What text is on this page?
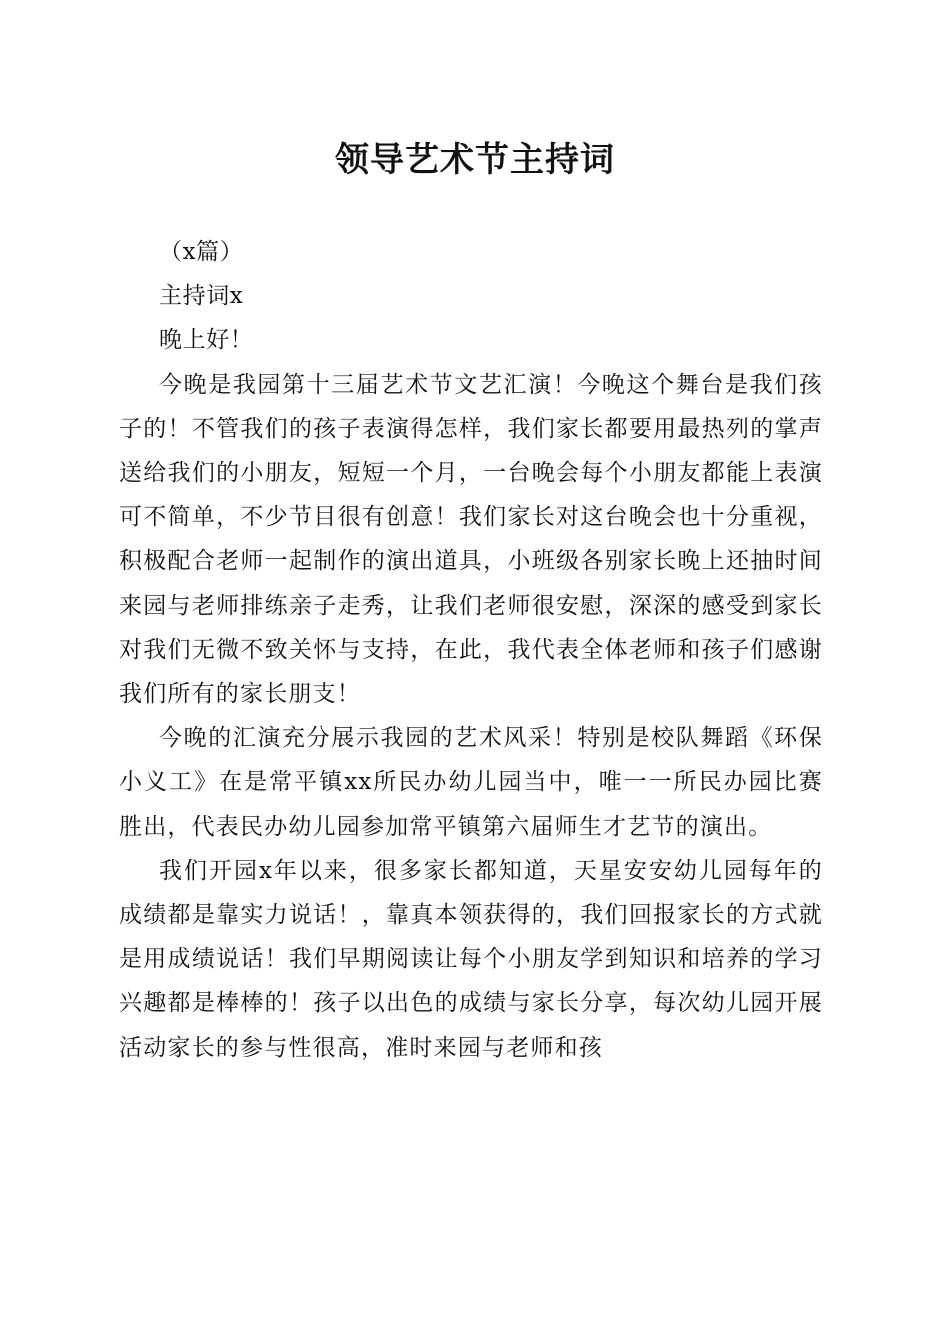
领导艺术节主持词

（x篇）

主持词x

晚上好！

今晚是我园第十三届艺术节文艺汇演！今晚这个舞台是我们孩子的！不管我们的孩子表演得怎样，我们家长都要用最热列的掌声送给我们的小朋友，短短一个月，一台晚会每个小朋友都能上表演可不简单，不少节目很有创意！我们家长对这台晚会也十分重视，积极配合老师一起制作的演出道具，小班级各别家长晚上还抽时间来园与老师排练亲子走秀，让我们老师很安慰，深深的感受到家长对我们无微不致关怀与支持，在此，我代表全体老师和孩子们感谢我们所有的家长朋支！

今晚的汇演充分展示我园的艺术风采！特别是校队舞蹈《环保小义工》在是常平镇xx所民办幼儿园当中，唯一一所民办园比赛胜出，代表民办幼儿园参加常平镇第六届师生才艺节的演出。

我们开园x年以来，很多家长都知道，天星安安幼儿园每年的成绩都是靠实力说话！，靠真本领获得的，我们回报家长的方式就是用成绩说话！我们早期阅读让每个小朋友学到知识和培养的学习兴趣都是棒棒的！孩子以出色的成绩与家长分享，每次幼儿园开展活动家长的参与性很高，准时来园与老师和孩
